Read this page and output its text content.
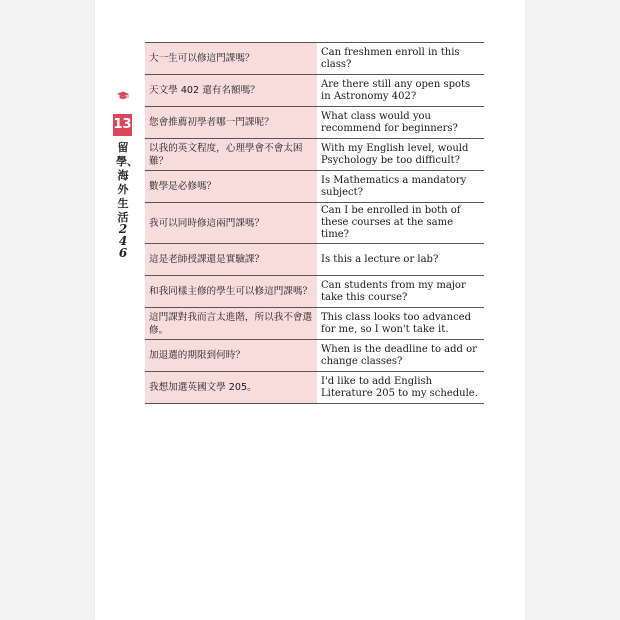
13
留學、海外生活
246
大一生可以修這門課嗎？	Can freshmen enroll in this class?
天文學 402 還有名額嗎？	Are there still any open spots in Astronomy 402?
您會推薦初學者哪一門課呢？	What class would you recommend for beginners?
以我的英文程度，心理學會不會太困難？	With my English level, would Psychology be too difficult?
數學是必修嗎？	Is Mathematics a mandatory subject?
我可以同時修這兩門課嗎？	Can I be enrolled in both of these courses at the same time?
這是老師授課還是實驗課？	Is this a lecture or lab?
和我同樣主修的學生可以修這門課嗎？	Can students from my major take this course?
這門課對我而言太進階，所以我不會選修。	This class looks too advanced for me, so I won't take it.
加退選的期限到何時？	When is the deadline to add or change classes?
我想加選英國文學 205。	I'd like to add English Literature 205 to my schedule.
